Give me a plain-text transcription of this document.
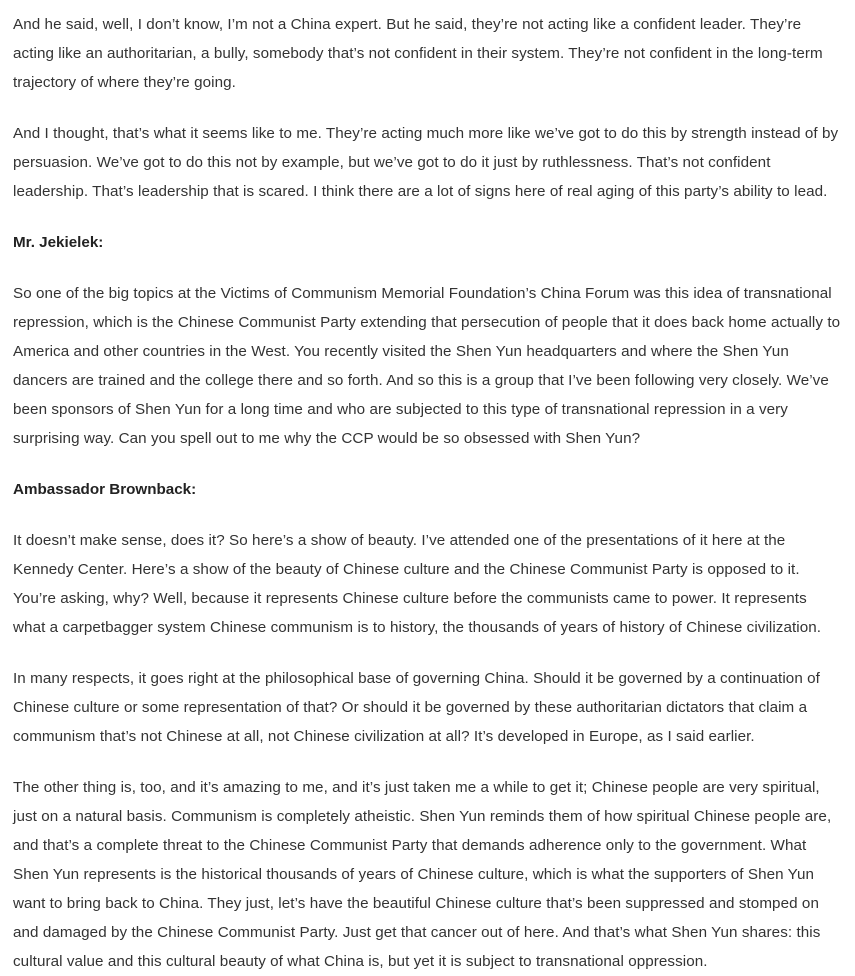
And he said, well, I don’t know, I’m not a China expert. But he said, they’re not acting like a confident leader. They’re acting like an authoritarian, a bully, somebody that’s not confident in their system. They’re not confident in the long-term trajectory of where they’re going.

And I thought, that’s what it seems like to me. They’re acting much more like we’ve got to do this by strength instead of by persuasion. We’ve got to do this not by example, but we’ve got to do it just by ruthlessness. That’s not confident leadership. That’s leadership that is scared. I think there are a lot of signs here of real aging of this party’s ability to lead.

Mr. Jekielek:

So one of the big topics at the Victims of Communism Memorial Foundation’s China Forum was this idea of transnational repression, which is the Chinese Communist Party extending that persecution of people that it does back home actually to America and other countries in the West. You recently visited the Shen Yun headquarters and where the Shen Yun dancers are trained and the college there and so forth. And so this is a group that I’ve been following very closely. We’ve been sponsors of Shen Yun for a long time and who are subjected to this type of transnational repression in a very surprising way. Can you spell out to me why the CCP would be so obsessed with Shen Yun?

Ambassador Brownback:

It doesn’t make sense, does it? So here’s a show of beauty. I’ve attended one of the presentations of it here at the Kennedy Center. Here’s a show of the beauty of Chinese culture and the Chinese Communist Party is opposed to it. You’re asking, why? Well, because it represents Chinese culture before the communists came to power. It represents what a carpetbagger system Chinese communism is to history, the thousands of years of history of Chinese civilization.

In many respects, it goes right at the philosophical base of governing China. Should it be governed by a continuation of Chinese culture or some representation of that? Or should it be governed by these authoritarian dictators that claim a communism that’s not Chinese at all, not Chinese civilization at all? It’s developed in Europe, as I said earlier.

The other thing is, too, and it’s amazing to me, and it’s just taken me a while to get it; Chinese people are very spiritual, just on a natural basis. Communism is completely atheistic. Shen Yun reminds them of how spiritual Chinese people are, and that’s a complete threat to the Chinese Communist Party that demands adherence only to the government. What Shen Yun represents is the historical thousands of years of Chinese culture, which is what the supporters of Shen Yun want to bring back to China. They just, let’s have the beautiful Chinese culture that’s been suppressed and stomped on and damaged by the Chinese Communist Party. Just get that cancer out of here. And that’s what Shen Yun shares: this cultural value and this cultural beauty of what China is, but yet it is subject to transnational oppression.
